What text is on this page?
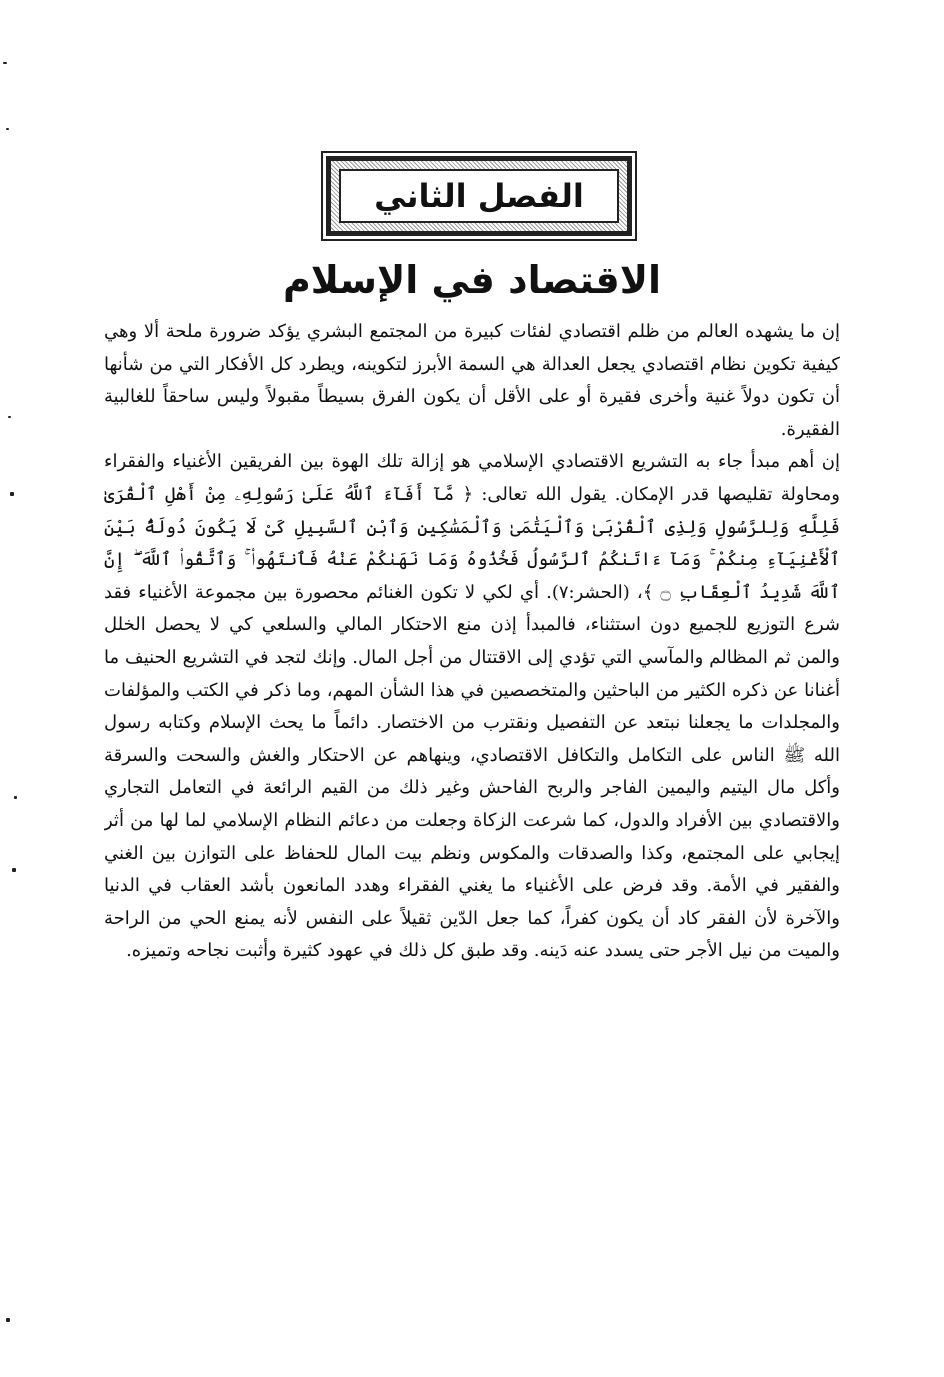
الفصل الثاني
الاقتصاد في الإسلام

إن ما يشهده العالم من ظلم اقتصادي لفئات كبيرة من المجتمع البشري يؤكد ضرورة ملحة ألا وهي كيفية تكوين نظام اقتصادي يجعل العدالة هي السمة الأبرز لتكوينه، ويطرد كل الأفكار التي من شأنها أن تكون دولاً غنية وأخرى فقيرة أو على الأقل أن يكون الفرق بسيطاً مقبولاً وليس ساحقاً للغالبية الفقيرة.

إن أهم مبدأ جاء به التشريع الاقتصادي الإسلامي هو إزالة تلك الهوة بين الفريقين الأغنياء والفقراء ومحاولة تقليصها قدر الإمكان. يقول الله تعالى: ﴿ مَّآ أَفَآءَ ٱللَّهُ عَلَىٰ رَسُولِهِۦ مِنْ أَهْلِ ٱلْقُرَىٰ فَلِلَّهِ وَلِلرَّسُولِ وَلِذِى ٱلْقُرْبَىٰ وَٱلْيَتَٰمَىٰ وَٱلْمَسَٰكِينِ وَٱبْنِ ٱلسَّبِيلِ كَىْ لَا يَكُونَ دُولَةًۢ بَيْنَ ٱلْأَغْنِيَآءِ مِنكُمْ ۚ وَمَآ ءَاتَىٰكُمُ ٱلرَّسُولُ فَخُذُوهُ وَمَا نَهَىٰكُمْ عَنْهُ فَٱنتَهُوا۟ ۚ وَٱتَّقُوا۟ ٱللَّهَ ۖ إِنَّ ٱللَّهَ شَدِيدُ ٱلْعِقَابِ ۝ ﴾، (الحشر:٧). أي لكي لا تكون الغنائم محصورة بين مجموعة الأغنياء فقد شرع التوزيع للجميع دون استثناء، فالمبدأ إذن منع الاحتكار المالي والسلعي كي لا يحصل الخلل والمن ثم المظالم والمآسي التي تؤدي إلى الاقتتال من أجل المال. وإنك لتجد في التشريع الحنيف ما أغنانا عن ذكره الكثير من الباحثين والمتخصصين في هذا الشأن المهم، وما ذكر في الكتب والمؤلفات والمجلدات ما يجعلنا نبتعد عن التفصيل ونقترب من الاختصار. دائماً ما يحث الإسلام وكتابه رسول الله ﷺ الناس على التكامل والتكافل الاقتصادي، وينهاهم عن الاحتكار والغش والسحت والسرقة وأكل مال اليتيم واليمين الفاجر والربح الفاحش وغير ذلك من القيم الرائعة في التعامل التجاري والاقتصادي بين الأفراد والدول، كما شرعت الزكاة وجعلت من دعائم النظام الإسلامي لما لها من أثر إيجابي على المجتمع، وكذا والصدقات والمكوس ونظم بيت المال للحفاظ على التوازن بين الغني والفقير في الأمة. وقد فرض على الأغنياء ما يغني الفقراء وهدد المانعون بأشد العقاب في الدنيا والآخرة لأن الفقر كاد أن يكون كفراً، كما جعل الدّين ثقيلاً على النفس لأنه يمنع الحي من الراحة والميت من نيل الأجر حتى يسدد عنه دَينه. وقد طبق كل ذلك في عهود كثيرة وأثبت نجاحه وتميزه.
